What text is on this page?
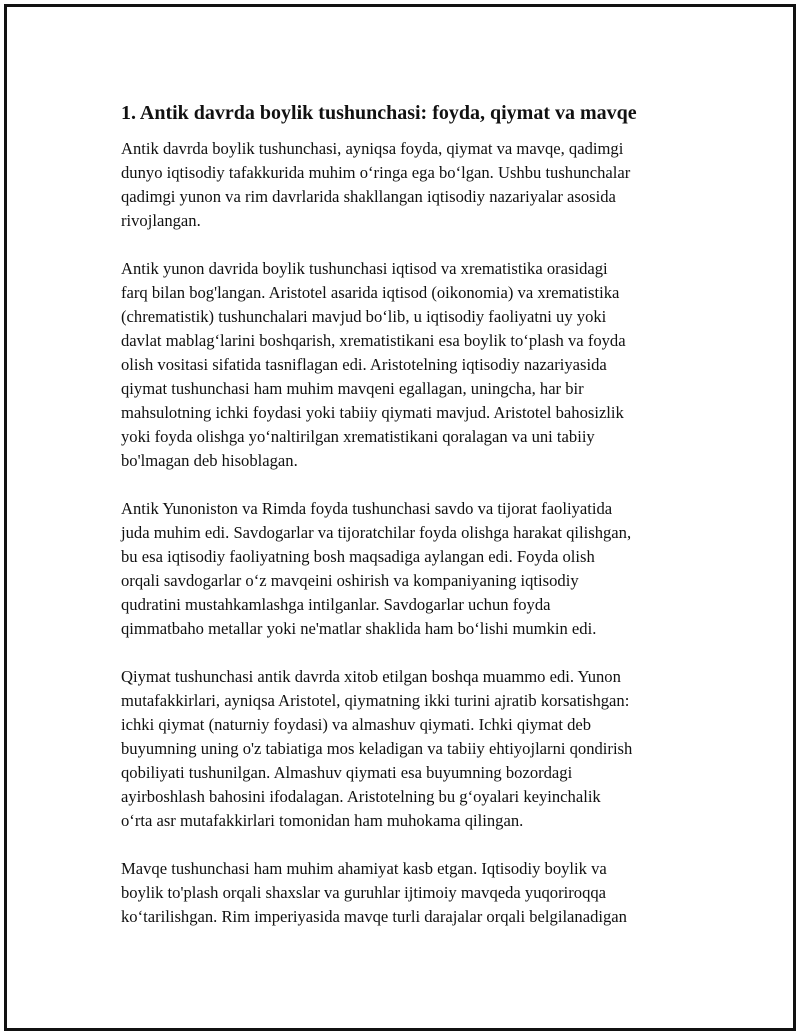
1. Antik davrda boylik tushunchasi: foyda, qiymat va mavqe

Antik davrda boylik tushunchasi, ayniqsa foyda, qiymat va mavqe, qadimgi
dunyo iqtisodiy tafakkurida muhim o‘ringa ega bo‘lgan. Ushbu tushunchalar
qadimgi yunon va rim davrlarida shakllangan iqtisodiy nazariyalar asosida
rivojlangan.

Antik yunon davrida boylik tushunchasi iqtisod va xrematistika orasidagi
farq bilan bog'langan. Aristotel asarida iqtisod (oikonomia) va xrematistika
(chrematistik) tushunchalari mavjud bo‘lib, u iqtisodiy faoliyatni uy yoki
davlat mablag‘larini boshqarish, xrematistikani esa boylik to‘plash va foyda
olish vositasi sifatida tasniflagan edi. Aristotelning iqtisodiy nazariyasida
qiymat tushunchasi ham muhim mavqeni egallagan, uningcha, har bir
mahsulotning ichki foydasi yoki tabiiy qiymati mavjud. Aristotel bahosizlik
yoki foyda olishga yo‘naltirilgan xrematistikani qoralagan va uni tabiiy
bo'lmagan deb hisoblagan.

Antik Yunoniston va Rimda foyda tushunchasi savdo va tijorat faoliyatida
juda muhim edi. Savdogarlar va tijoratchilar foyda olishga harakat qilishgan,
bu esa iqtisodiy faoliyatning bosh maqsadiga aylangan edi. Foyda olish
orqali savdogarlar o‘z mavqeini oshirish va kompaniyaning iqtisodiy
qudratini mustahkamlashga intilganlar. Savdogarlar uchun foyda
qimmatbaho metallar yoki ne'matlar shaklida ham bo‘lishi mumkin edi.

Qiymat tushunchasi antik davrda xitob etilgan boshqa muammo edi. Yunon
mutafakkirlari, ayniqsa Aristotel, qiymatning ikki turini ajratib korsatishgan:
ichki qiymat (naturniy foydasi) va almashuv qiymati. Ichki qiymat deb
buyumning uning o'z tabiatiga mos keladigan va tabiiy ehtiyojlarni qondirish
qobiliyati tushunilgan. Almashuv qiymati esa buyumning bozordagi
ayirboshlash bahosini ifodalagan. Aristotelning bu g‘oyalari keyinchalik
o‘rta asr mutafakkirlari tomonidan ham muhokama qilingan.

Mavqe tushunchasi ham muhim ahamiyat kasb etgan. Iqtisodiy boylik va
boylik to'plash orqali shaxslar va guruhlar ijtimoiy mavqeda yuqoriroqqa
ko‘tarilishgan. Rim imperiyasida mavqe turli darajalar orqali belgilanadigan
